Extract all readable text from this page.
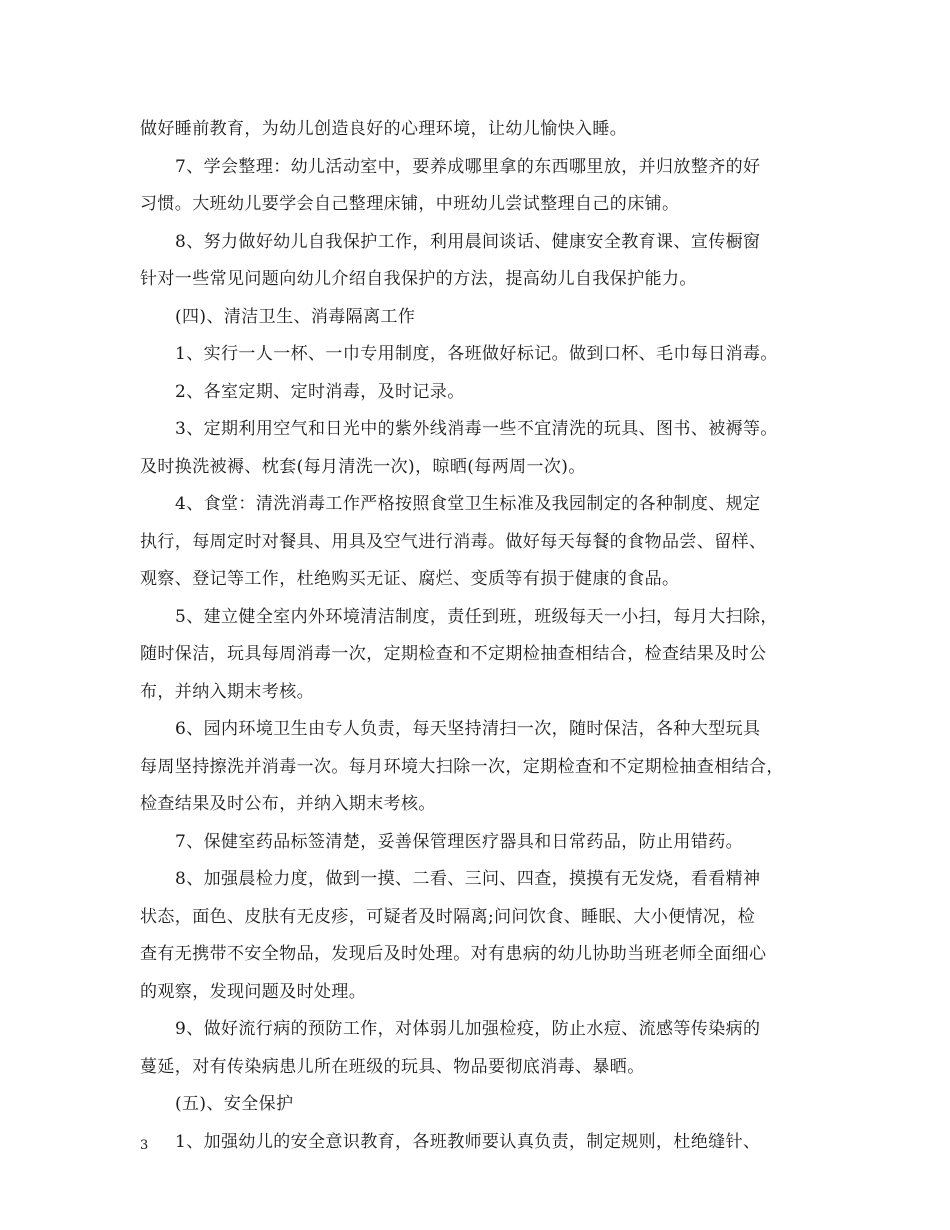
做好睡前教育，为幼儿创造良好的心理环境，让幼儿愉快入睡。
7、学会整理：幼儿活动室中，要养成哪里拿的东西哪里放，并归放整齐的好
习惯。大班幼儿要学会自己整理床铺，中班幼儿尝试整理自己的床铺。
8、努力做好幼儿自我保护工作，利用晨间谈话、健康安全教育课、宣传橱窗
针对一些常见问题向幼儿介绍自我保护的方法，提高幼儿自我保护能力。
(四)、清洁卫生、消毒隔离工作
1、实行一人一杯、一巾专用制度，各班做好标记。做到口杯、毛巾每日消毒。
2、各室定期、定时消毒，及时记录。
3、定期利用空气和日光中的紫外线消毒一些不宜清洗的玩具、图书、被褥等。
及时换洗被褥、枕套(每月清洗一次)，晾晒(每两周一次)。
4、食堂：清洗消毒工作严格按照食堂卫生标准及我园制定的各种制度、规定
执行，每周定时对餐具、用具及空气进行消毒。做好每天每餐的食物品尝、留样、
观察、登记等工作，杜绝购买无证、腐烂、变质等有损于健康的食品。
5、建立健全室内外环境清洁制度，责任到班，班级每天一小扫，每月大扫除，
随时保洁，玩具每周消毒一次，定期检查和不定期检抽查相结合，检查结果及时公
布，并纳入期末考核。
6、园内环境卫生由专人负责，每天坚持清扫一次，随时保洁，各种大型玩具
每周坚持擦洗并消毒一次。每月环境大扫除一次，定期检查和不定期检抽查相结合，
检查结果及时公布，并纳入期末考核。
7、保健室药品标签清楚，妥善保管理医疗器具和日常药品，防止用错药。
8、加强晨检力度，做到一摸、二看、三问、四查，摸摸有无发烧，看看精神
状态，面色、皮肤有无皮疹，可疑者及时隔离;问问饮食、睡眠、大小便情况，检
查有无携带不安全物品，发现后及时处理。对有患病的幼儿协助当班老师全面细心
的观察，发现问题及时处理。
9、做好流行病的预防工作，对体弱儿加强检疫，防止水痘、流感等传染病的
蔓延，对有传染病患儿所在班级的玩具、物品要彻底消毒、暴晒。
(五)、安全保护
1、加强幼儿的安全意识教育，各班教师要认真负责，制定规则，杜绝缝针、
3
